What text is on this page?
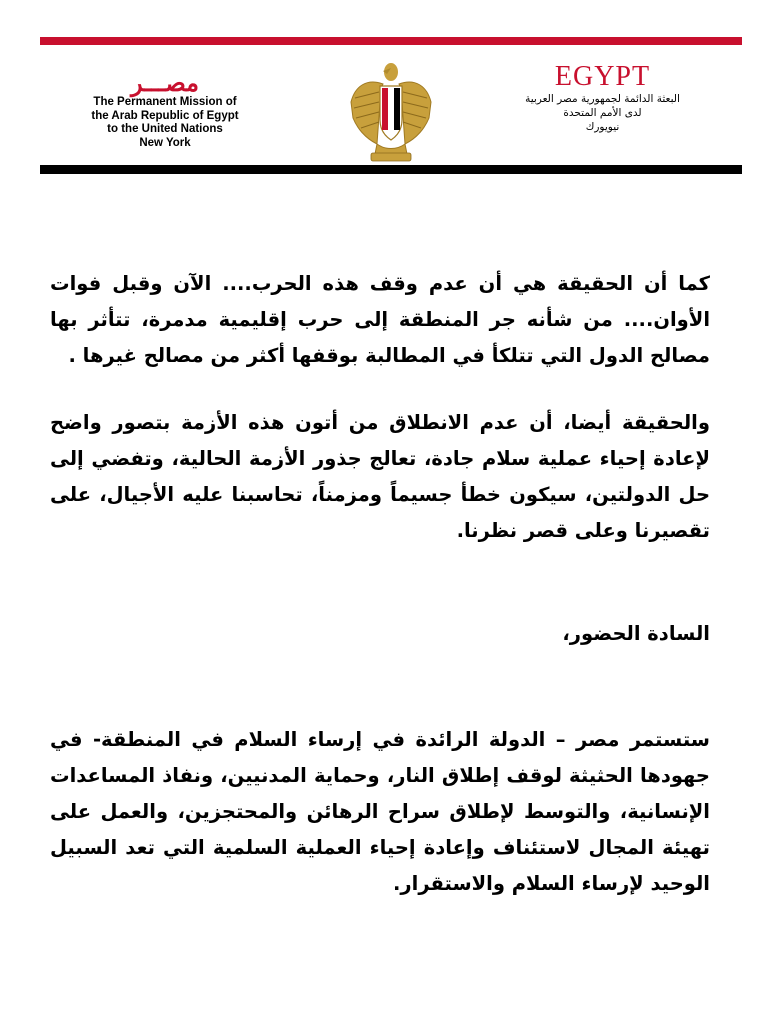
مصـــر
The Permanent Mission of
the Arab Republic of Egypt
to the United Nations
New York
EGYPT
البعثة الدائمة لجمهورية مصر العربية
لدى الأمم المتحدة
نيويورك
كما أن الحقيقة هي أن عدم وقف هذه الحرب.... الآن وقبل فوات الأوان.... من شأنه جر المنطقة إلى حرب إقليمية مدمرة، تتأثر بها مصالح الدول التي تتلكأ في المطالبة بوقفها أكثر من مصالح غيرها .
والحقيقة أيضا، أن عدم الانطلاق من أتون هذه الأزمة بتصور واضح لإعادة إحياء عملية سلام جادة، تعالج جذور الأزمة الحالية، وتفضي إلى حل الدولتين، سيكون خطأ جسيماً ومزمناً، تحاسبنا عليه الأجيال، على تقصيرنا وعلى قصر نظرنا.
السادة الحضور،
ستستمر مصر – الدولة الرائدة في إرساء السلام في المنطقة- في جهودها الحثيثة لوقف إطلاق النار، وحماية المدنيين، ونفاذ المساعدات الإنسانية، والتوسط لإطلاق سراح الرهائن والمحتجزين، والعمل على تهيئة المجال لاستئناف وإعادة إحياء العملية السلمية التي تعد السبيل الوحيد لإرساء السلام والاستقرار.
